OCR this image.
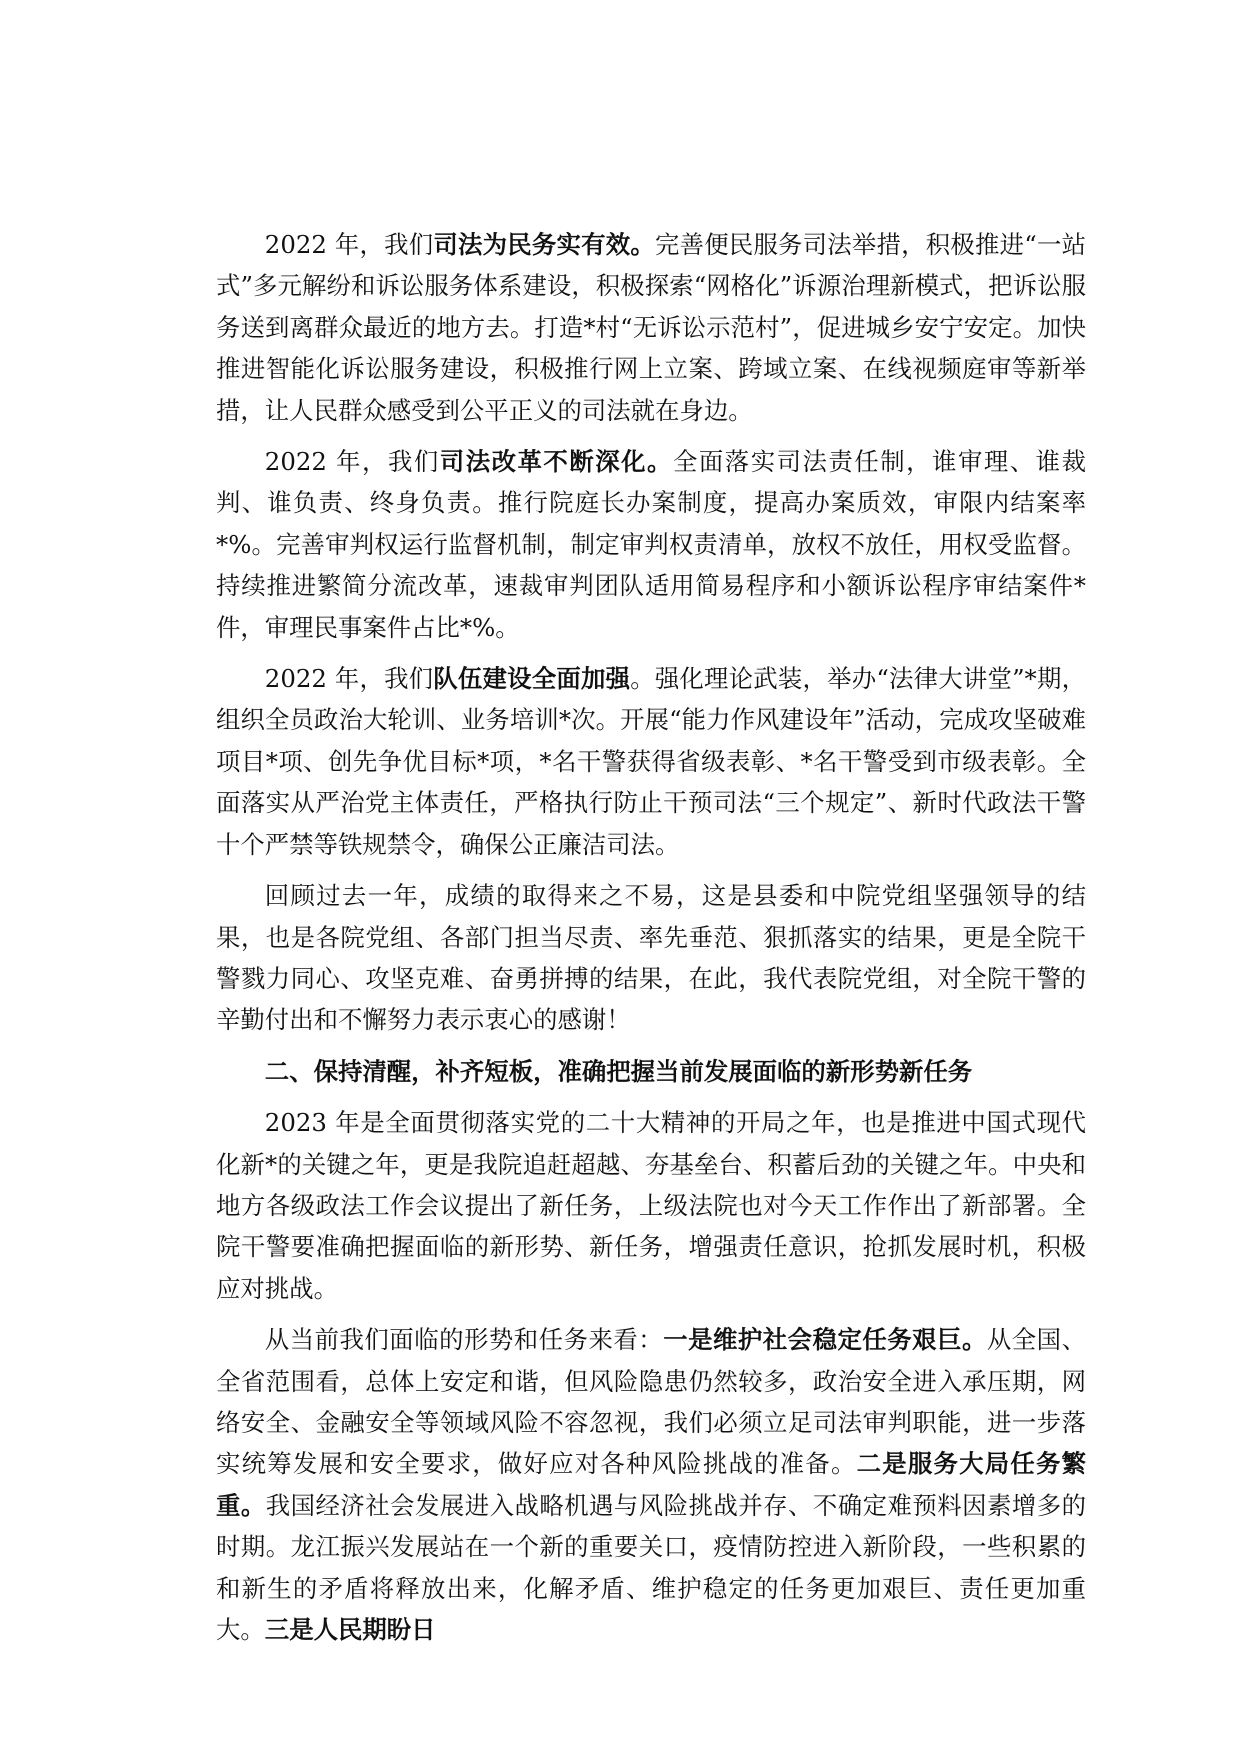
2022 年，我们司法为民务实有效。完善便民服务司法举措，积极推进“一站式”多元解纷和诉讼服务体系建设，积极探索“网格化”诉源治理新模式，把诉讼服务送到离群众最近的地方去。打造*村“无诉讼示范村”，促进城乡安宁安定。加快推进智能化诉讼服务建设，积极推行网上立案、跨域立案、在线视频庭审等新举措，让人民群众感受到公平正义的司法就在身边。

2022 年，我们司法改革不断深化。全面落实司法责任制，谁审理、谁裁判、谁负责、终身负责。推行院庭长办案制度，提高办案质效，审限内结案率*%。完善审判权运行监督机制，制定审判权责清单，放权不放任，用权受监督。持续推进繁简分流改革，速裁审判团队适用简易程序和小额诉讼程序审结案件*件，审理民事案件占比*%。

2022 年，我们队伍建设全面加强。强化理论武装，举办“法律大讲堂”*期，组织全员政治大轮训、业务培训*次。开展“能力作风建设年”活动，完成攻坚破难项目*项、创先争优目标*项，*名干警获得省级表彰、*名干警受到市级表彰。全面落实从严治党主体责任，严格执行防止干预司法“三个规定”、新时代政法干警十个严禁等铁规禁令，确保公正廉洁司法。

回顾过去一年，成绩的取得来之不易，这是县委和中院党组坚强领导的结果，也是各院党组、各部门担当尽责、率先垂范、狠抓落实的结果，更是全院干警戮力同心、攻坚克难、奋勇拼搏的结果，在此，我代表院党组，对全院干警的辛勤付出和不懈努力表示衷心的感谢！

二、保持清醒，补齐短板，准确把握当前发展面临的新形势新任务

2023 年是全面贯彻落实党的二十大精神的开局之年，也是推进中国式现代化新*的关键之年，更是我院追赶超越、夯基垒台、积蓄后劲的关键之年。中央和地方各级政法工作会议提出了新任务，上级法院也对今天工作作出了新部署。全院干警要准确把握面临的新形势、新任务，增强责任意识，抢抓发展时机，积极应对挑战。

从当前我们面临的形势和任务来看：一是维护社会稳定任务艰巨。从全国、全省范围看，总体上安定和谐，但风险隐患仍然较多，政治安全进入承压期，网络安全、金融安全等领域风险不容忽视，我们必须立足司法审判职能，进一步落实统筹发展和安全要求，做好应对各种风险挑战的准备。二是服务大局任务繁重。我国经济社会发展进入战略机遇与风险挑战并存、不确定难预料因素增多的时期。龙江振兴发展站在一个新的重要关口，疫情防控进入新阶段，一些积累的和新生的矛盾将释放出来，化解矛盾、维护稳定的任务更加艰巨、责任更加重大。三是人民期盼日
